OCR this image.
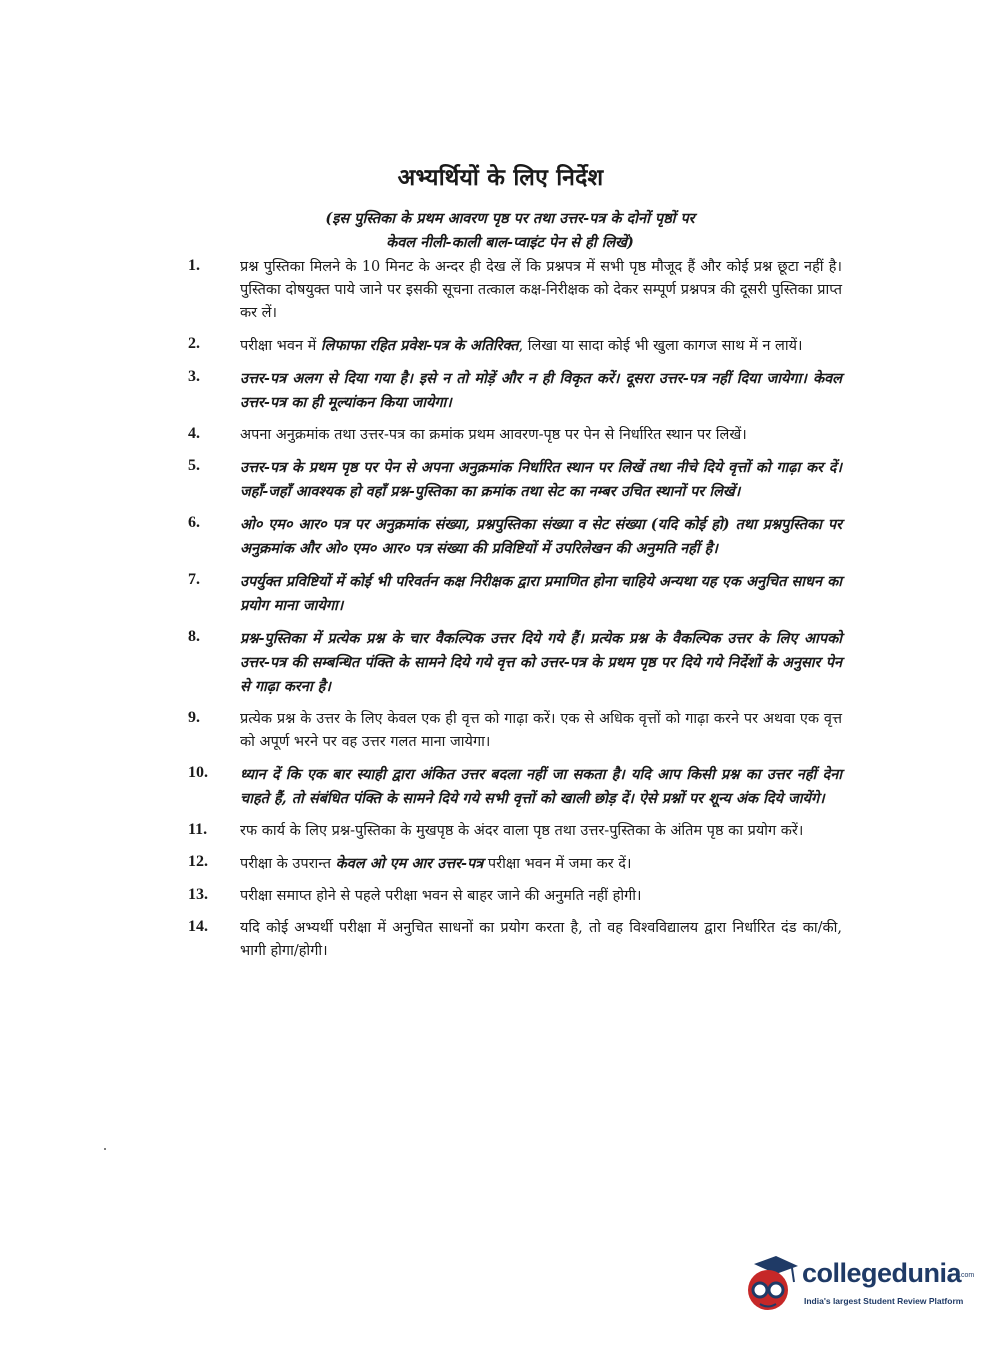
अभ्यर्थियों के लिए निर्देश
(इस पुस्तिका के प्रथम आवरण पृष्ठ पर तथा उत्तर-पत्र के दोनों पृष्ठों पर
केवल नीली-काली बाल-प्वाइंट पेन से ही लिखें)
1.	प्रश्न पुस्तिका मिलने के 10 मिनट के अन्दर ही देख लें कि प्रश्नपत्र में सभी पृष्ठ मौजूद हैं और कोई प्रश्न छूटा नहीं है। पुस्तिका दोषयुक्त पाये जाने पर इसकी सूचना तत्काल कक्ष-निरीक्षक को देकर सम्पूर्ण प्रश्नपत्र की दूसरी पुस्तिका प्राप्त कर लें।
2.	परीक्षा भवन में लिफाफा रहित प्रवेश-पत्र के अतिरिक्त, लिखा या सादा कोई भी खुला कागज साथ में न लायें।
3.	उत्तर-पत्र अलग से दिया गया है। इसे न तो मोड़ें और न ही विकृत करें। दूसरा उत्तर-पत्र नहीं दिया जायेगा। केवल उत्तर-पत्र का ही मूल्यांकन किया जायेगा।
4.	अपना अनुक्रमांक तथा उत्तर-पत्र का क्रमांक प्रथम आवरण-पृष्ठ पर पेन से निर्धारित स्थान पर लिखें।
5.	उत्तर-पत्र के प्रथम पृष्ठ पर पेन से अपना अनुक्रमांक निर्धारित स्थान पर लिखें तथा नीचे दिये वृत्तों को गाढ़ा कर दें। जहाँ-जहाँ आवश्यक हो वहाँ प्रश्न-पुस्तिका का क्रमांक तथा सेट का नम्बर उचित स्थानों पर लिखें।
6.	ओ० एम० आर० पत्र पर अनुक्रमांक संख्या, प्रश्नपुस्तिका संख्या व सेट संख्या (यदि कोई हो) तथा प्रश्नपुस्तिका पर अनुक्रमांक और ओ० एम० आर० पत्र संख्या की प्रविष्टियों में उपरिलेखन की अनुमति नहीं है।
7.	उपर्युक्त प्रविष्टियों में कोई भी परिवर्तन कक्ष निरीक्षक द्वारा प्रमाणित होना चाहिये अन्यथा यह एक अनुचित साधन का प्रयोग माना जायेगा।
8.	प्रश्न-पुस्तिका में प्रत्येक प्रश्न के चार वैकल्पिक उत्तर दिये गये हैं। प्रत्येक प्रश्न के वैकल्पिक उत्तर के लिए आपको उत्तर-पत्र की सम्बन्धित पंक्ति के सामने दिये गये वृत्त को उत्तर-पत्र के प्रथम पृष्ठ पर दिये गये निर्देशों के अनुसार पेन से गाढ़ा करना है।
9.	प्रत्येक प्रश्न के उत्तर के लिए केवल एक ही वृत्त को गाढ़ा करें। एक से अधिक वृत्तों को गाढ़ा करने पर अथवा एक वृत्त को अपूर्ण भरने पर वह उत्तर गलत माना जायेगा।
10.	ध्यान दें कि एक बार स्याही द्वारा अंकित उत्तर बदला नहीं जा सकता है। यदि आप किसी प्रश्न का उत्तर नहीं देना चाहते हैं, तो संबंधित पंक्ति के सामने दिये गये सभी वृत्तों को खाली छोड़ दें। ऐसे प्रश्नों पर शून्य अंक दिये जायेंगे।
11.	रफ कार्य के लिए प्रश्न-पुस्तिका के मुखपृष्ठ के अंदर वाला पृष्ठ तथा उत्तर-पुस्तिका के अंतिम पृष्ठ का प्रयोग करें।
12.	परीक्षा के उपरान्त केवल ओ एम आर उत्तर-पत्र परीक्षा भवन में जमा कर दें।
13.	परीक्षा समाप्त होने से पहले परीक्षा भवन से बाहर जाने की अनुमति नहीं होगी।
14.	यदि कोई अभ्यर्थी परीक्षा में अनुचित साधनों का प्रयोग करता है, तो वह विश्वविद्यालय द्वारा निर्धारित दंड का/की, भागी होगा/होगी।
collegedunia
.com
India's largest Student Review Platform
